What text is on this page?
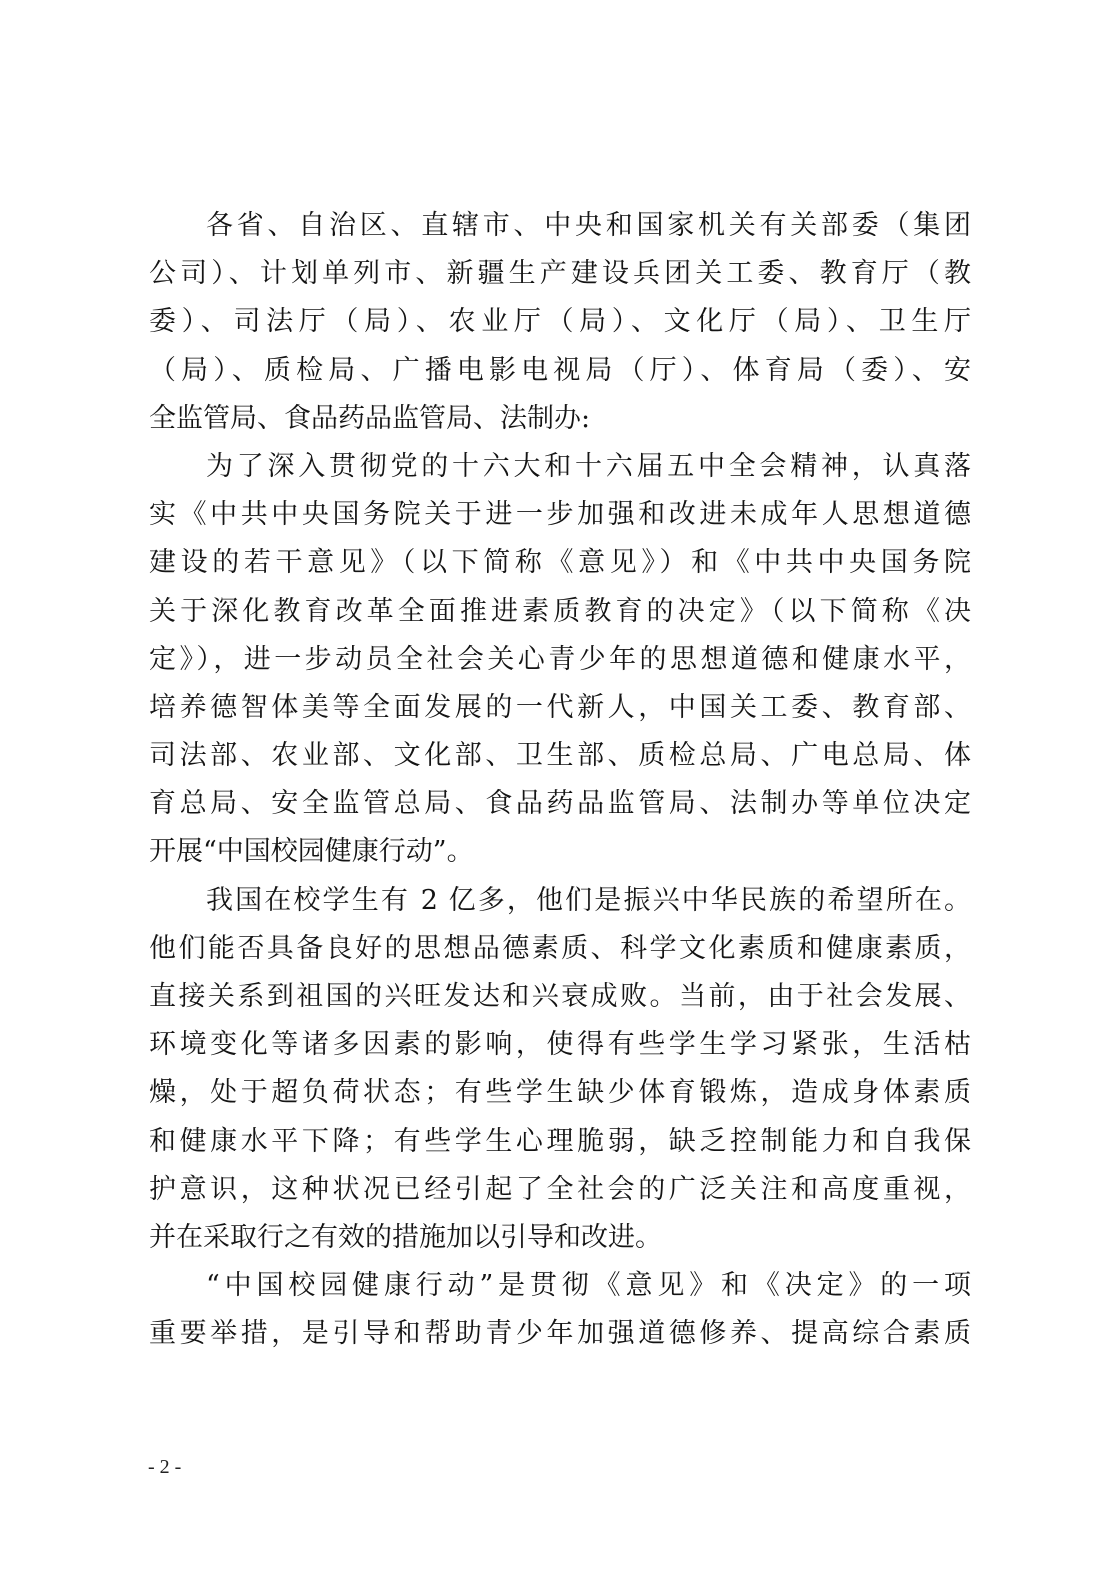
各省、自治区、直辖市、中央和国家机关有关部委（集团
公司）、计划单列市、新疆生产建设兵团关工委、教育厅（教
委）、司法厅（局）、农业厅（局）、文化厅（局）、卫生厅
（局）、质检局、广播电影电视局（厅）、体育局（委）、安
全监管局、食品药品监管局、法制办:
为了深入贯彻党的十六大和十六届五中全会精神，认真落
实《中共中央国务院关于进一步加强和改进未成年人思想道德
建设的若干意见》（以下简称《意见》）和《中共中央国务院
关于深化教育改革全面推进素质教育的决定》（以下简称《决
定》），进一步动员全社会关心青少年的思想道德和健康水平，
培养德智体美等全面发展的一代新人，中国关工委、教育部、
司法部、农业部、文化部、卫生部、质检总局、广电总局、体
育总局、安全监管总局、食品药品监管局、法制办等单位决定
开展“中国校园健康行动”。
我国在校学生有 2 亿多，他们是振兴中华民族的希望所在。
他们能否具备良好的思想品德素质、科学文化素质和健康素质，
直接关系到祖国的兴旺发达和兴衰成败。当前，由于社会发展、
环境变化等诸多因素的影响，使得有些学生学习紧张，生活枯
燥，处于超负荷状态；有些学生缺少体育锻炼，造成身体素质
和健康水平下降；有些学生心理脆弱，缺乏控制能力和自我保
护意识，这种状况已经引起了全社会的广泛关注和高度重视，
并在采取行之有效的措施加以引导和改进。
“中国校园健康行动”是贯彻《意见》和《决定》的一项
重要举措，是引导和帮助青少年加强道德修养、提高综合素质
- 2 -
